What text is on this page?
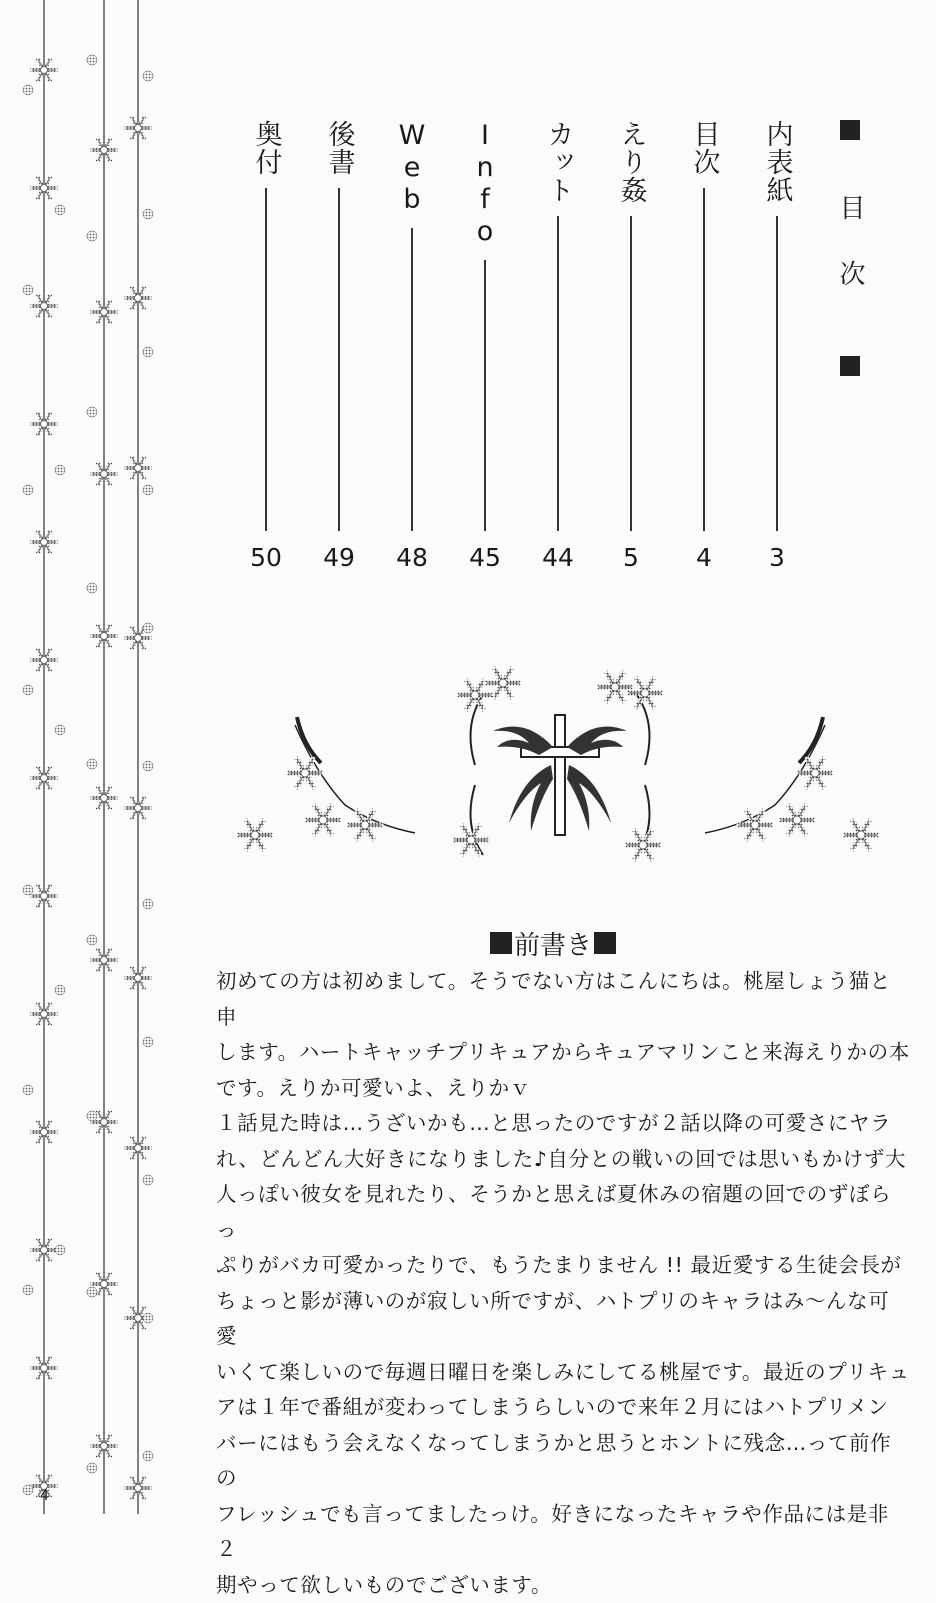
目次
内表紙
3
目次
4
えり姦
5
カット
44
Info
45
Web
48
後書
49
奥付
50
前書き

初めての方は初めまして。そうでない方はこんにちは。桃屋しょう猫と申
します。ハートキャッチプリキュアからキュアマリンこと来海えりかの本
です。えりか可愛いよ、えりかｖ
１話見た時は…うざいかも…と思ったのですが２話以降の可愛さにヤラ
れ、どんどん大好きになりました♪自分との戦いの回では思いもかけず大
人っぽい彼女を見れたり、そうかと思えば夏休みの宿題の回でのずぼらっ
ぷりがバカ可愛かったりで、もうたまりません !! 最近愛する生徒会長が
ちょっと影が薄いのが寂しい所ですが、ハトプリのキャラはみ～んな可愛
いくて楽しいので毎週日曜日を楽しみにしてる桃屋です。最近のプリキュ
アは１年で番組が変わってしまうらしいので来年２月にはハトプリメン
バーにはもう会えなくなってしまうかと思うとホントに残念…って前作の
フレッシュでも言ってましたっけ。好きになったキャラや作品には是非２
期やって欲しいものでございます。

4
